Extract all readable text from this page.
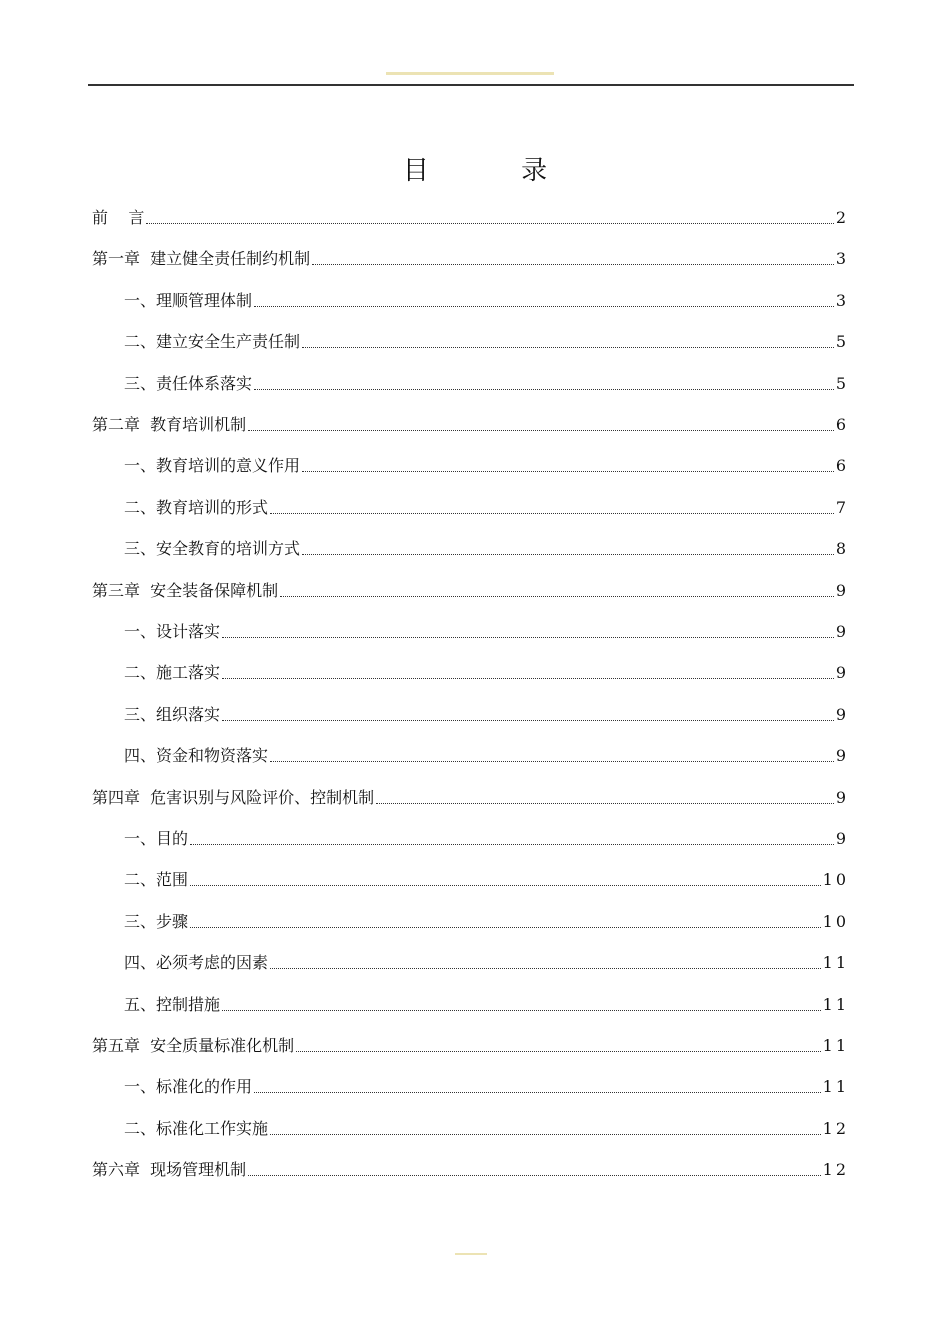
目 录
前    言	2
第一章  建立健全责任制约机制	3
一、理顺管理体制	3
二、建立安全生产责任制	5
三、责任体系落实	5
第二章  教育培训机制	6
一、教育培训的意义作用	6
二、教育培训的形式	7
三、安全教育的培训方式	8
第三章  安全装备保障机制	9
一、设计落实	9
二、施工落实	9
三、组织落实	9
四、资金和物资落实	9
第四章  危害识别与风险评价、控制机制	9
一、目的	9
二、范围	10
三、步骤	10
四、必须考虑的因素	11
五、控制措施	11
第五章  安全质量标准化机制	11
一、标准化的作用	11
二、标准化工作实施	12
第六章  现场管理机制	12
